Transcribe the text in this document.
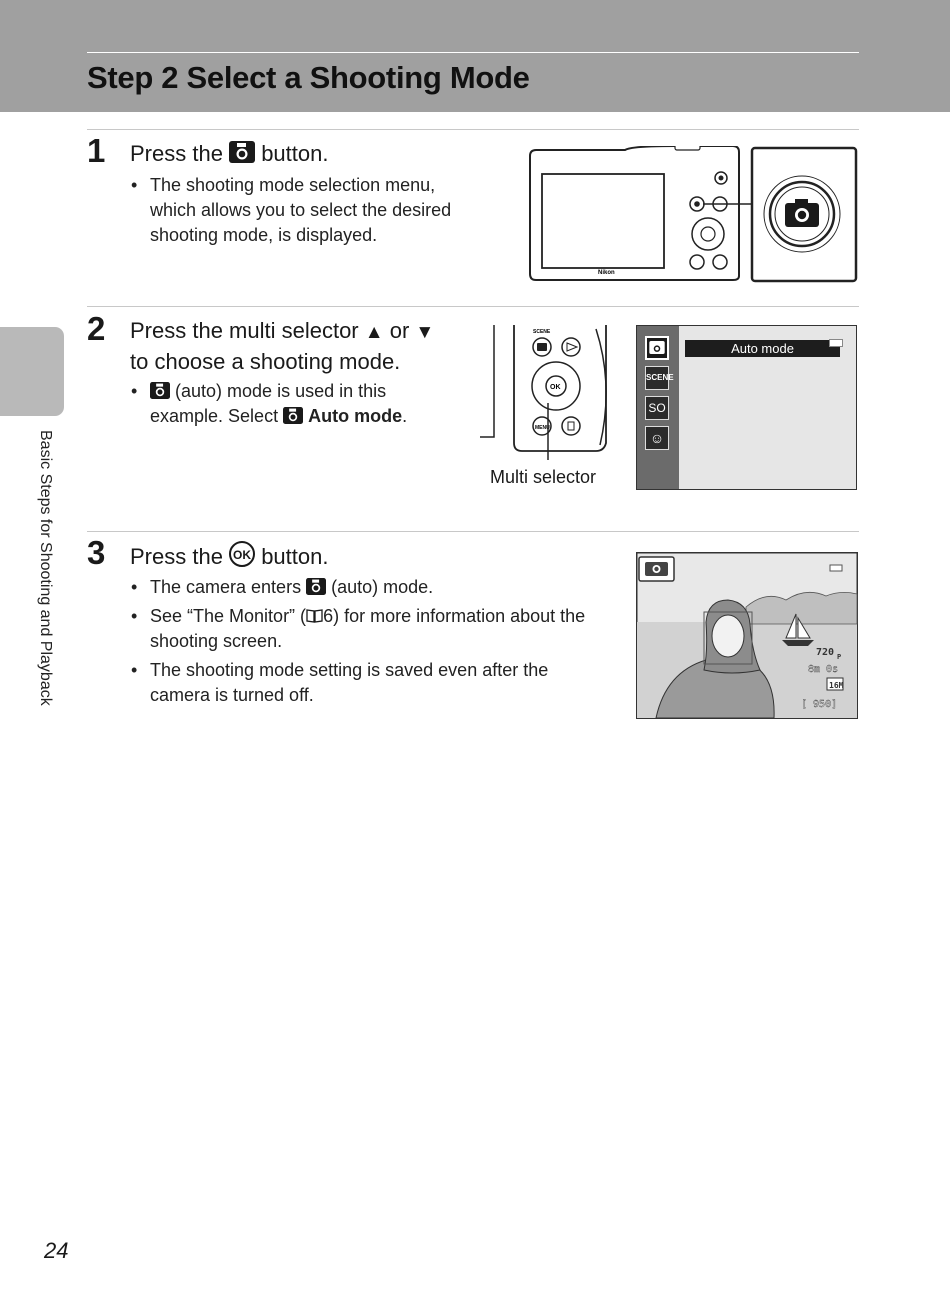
Step 2 Select a Shooting Mode
Basic Steps for Shooting and Playback
1 Press the button.
• The shooting mode selection menu, which allows you to select the desired shooting mode, is displayed.
Nikon
2 Press the multi selector ▲ or ▼
to choose a shooting mode.
• (auto) mode is used in this example. Select Auto mode.
SCENE
OK
MENU
Multi selector
SCENE
SO
☺
Auto mode
3 Press the OK button.
• The camera enters (auto) mode.
• See “The Monitor” ( 6) for more information about the shooting screen.
• The shooting mode setting is saved even after the camera is turned off.
720 P
8m 0s
16M
[ 950]
24
